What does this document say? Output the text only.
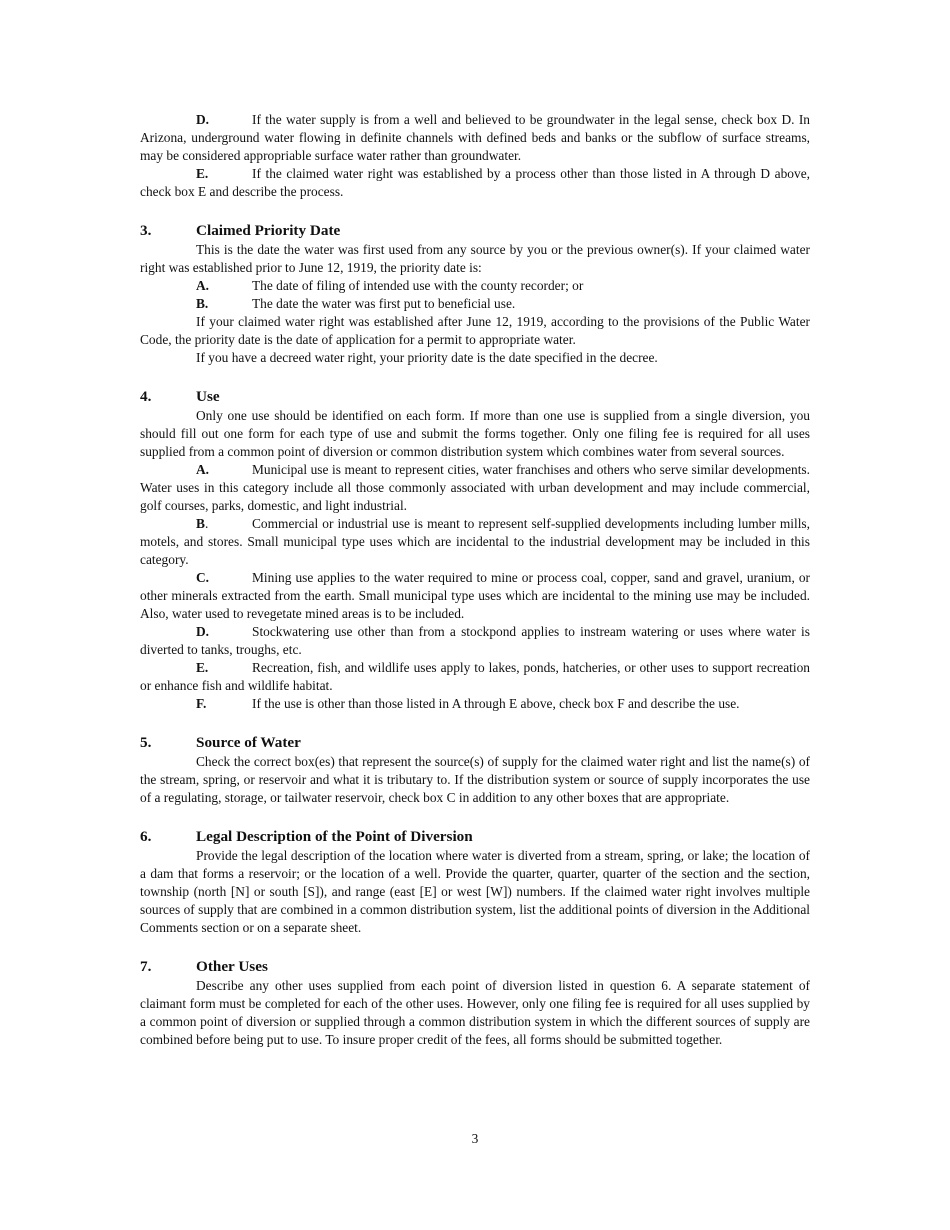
D.	If the water supply is from a well and believed to be groundwater in the legal sense, check box D. In Arizona, underground water flowing in definite channels with defined beds and banks or the subflow of surface streams, may be considered appropriable surface water rather than groundwater.

E.	If the claimed water right was established by a process other than those listed in A through D above, check box E and describe the process.

3.	Claimed Priority Date

This is the date the water was first used from any source by you or the previous owner(s). If your claimed water right was established prior to June 12, 1919, the priority date is:

A.	The date of filing of intended use with the county recorder; or

B.	The date the water was first put to beneficial use.

If your claimed water right was established after June 12, 1919, according to the provisions of the Public Water Code, the priority date is the date of application for a permit to appropriate water.

If you have a decreed water right, your priority date is the date specified in the decree.

4.	Use

Only one use should be identified on each form. If more than one use is supplied from a single diversion, you should fill out one form for each type of use and submit the forms together. Only one filing fee is required for all uses supplied from a common point of diversion or common distribution system which combines water from several sources.

A.	Municipal use is meant to represent cities, water franchises and others who serve similar developments. Water uses in this category include all those commonly associated with urban development and may include commercial, golf courses, parks, domestic, and light industrial.

B.	Commercial or industrial use is meant to represent self-supplied developments including lumber mills, motels, and stores. Small municipal type uses which are incidental to the industrial development may be included in this category.

C.	Mining use applies to the water required to mine or process coal, copper, sand and gravel, uranium, or other minerals extracted from the earth. Small municipal type uses which are incidental to the mining use may be included. Also, water used to revegetate mined areas is to be included.

D.	Stockwatering use other than from a stockpond applies to instream watering or uses where water is diverted to tanks, troughs, etc.

E.	Recreation, fish, and wildlife uses apply to lakes, ponds, hatcheries, or other uses to support recreation or enhance fish and wildlife habitat.

F.	If the use is other than those listed in A through E above, check box F and describe the use.

5.	Source of Water

Check the correct box(es) that represent the source(s) of supply for the claimed water right and list the name(s) of the stream, spring, or reservoir and what it is tributary to. If the distribution system or source of supply incorporates the use of a regulating, storage, or tailwater reservoir, check box C in addition to any other boxes that are appropriate.

6.	Legal Description of the Point of Diversion

Provide the legal description of the location where water is diverted from a stream, spring, or lake; the location of a dam that forms a reservoir; or the location of a well. Provide the quarter, quarter, quarter of the section and the section, township (north [N] or south [S]), and range (east [E] or west [W]) numbers. If the claimed water right involves multiple sources of supply that are combined in a common distribution system, list the additional points of diversion in the Additional Comments section or on a separate sheet.

7.	Other Uses

Describe any other uses supplied from each point of diversion listed in question 6. A separate statement of claimant form must be completed for each of the other uses. However, only one filing fee is required for all uses supplied by a common point of diversion or supplied through a common distribution system in which the different sources of supply are combined before being put to use. To insure proper credit of the fees, all forms should be submitted together.

3
